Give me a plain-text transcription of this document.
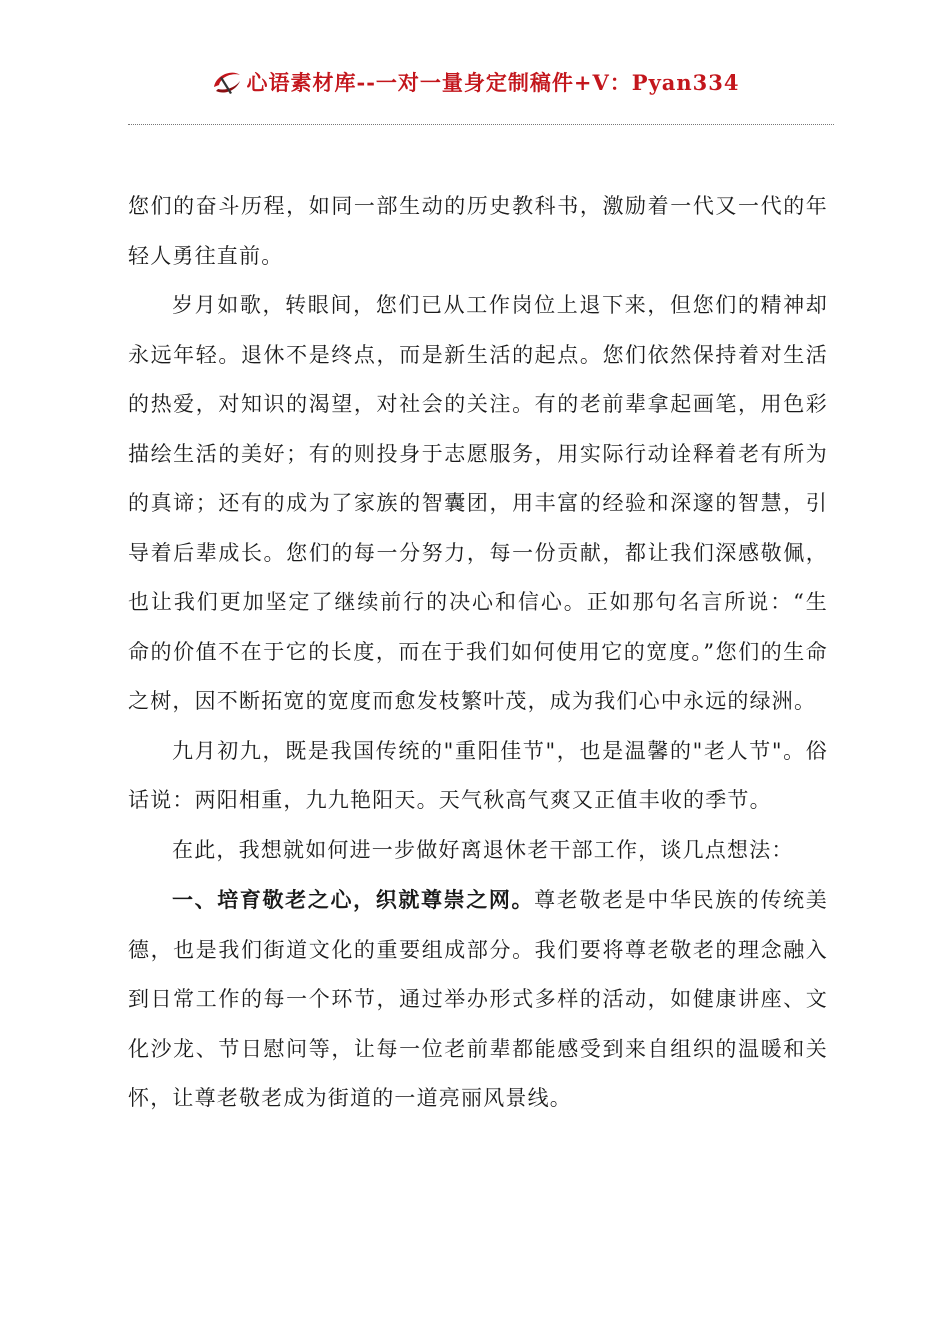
心语素材库 --一对一量身定制稿件+V：Pyan334

您们的奋斗历程，如同一部生动的历史教科书，激励着一代又一代的年轻人勇往直前。

岁月如歌，转眼间，您们已从工作岗位上退下来，但您们的精神却永远年轻。退休不是终点，而是新生活的起点。您们依然保持着对生活的热爱，对知识的渴望，对社会的关注。有的老前辈拿起画笔，用色彩描绘生活的美好；有的则投身于志愿服务，用实际行动诠释着老有所为的真谛；还有的成为了家族的智囊团，用丰富的经验和深邃的智慧，引导着后辈成长。您们的每一分努力，每一份贡献，都让我们深感敬佩，也让我们更加坚定了继续前行的决心和信心。正如那句名言所说：“生命的价值不在于它的长度，而在于我们如何使用它的宽度。”您们的生命之树，因不断拓宽的宽度而愈发枝繁叶茂，成为我们心中永远的绿洲。

九月初九，既是我国传统的"重阳佳节"，也是温馨的"老人节"。俗话说：两阳相重，九九艳阳天。天气秋高气爽又正值丰收的季节。

在此，我想就如何进一步做好离退休老干部工作，谈几点想法：

一、培育敬老之心，织就尊崇之网。尊老敬老是中华民族的传统美德，也是我们街道文化的重要组成部分。我们要将尊老敬老的理念融入到日常工作的每一个环节，通过举办形式多样的活动，如健康讲座、文化沙龙、节日慰问等，让每一位老前辈都能感受到来自组织的温暖和关怀，让尊老敬老成为街道的一道亮丽风景线。
